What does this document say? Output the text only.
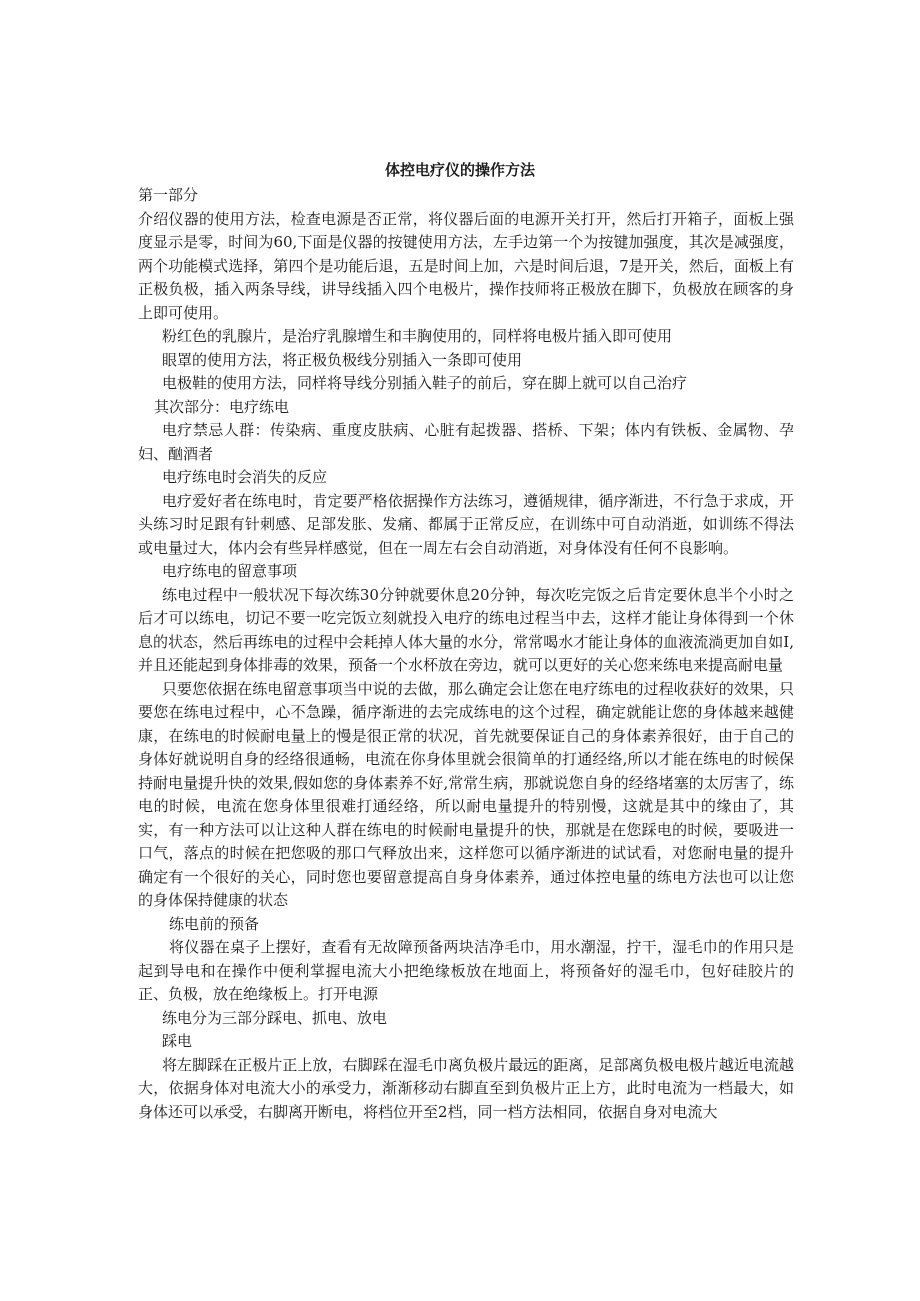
体控电疗仪的操作方法

第一部分

介绍仪器的使用方法，检查电源是否正常，将仪器后面的电源开关打开，然后打开箱子，面板上强度显示是零，时间为60,下面是仪器的按键使用方法，左手边第一个为按键加强度，其次是减强度，两个功能模式选择，第四个是功能后退，五是时间上加，六是时间后退，7是开关，然后，面板上有正极负极，插入两条导线，讲导线插入四个电极片，操作技师将正极放在脚下，负极放在顾客的身上即可使用。

粉红色的乳腺片，是治疗乳腺增生和丰胸使用的，同样将电极片插入即可使用

眼罩的使用方法，将正极负极线分别插入一条即可使用

电极鞋的使用方法，同样将导线分别插入鞋子的前后，穿在脚上就可以自己治疗

其次部分：电疗练电

电疗禁忌人群：传染病、重度皮肤病、心脏有起拨器、搭桥、下架；体内有铁板、金属物、孕妇、酗酒者

电疗练电时会消失的反应

电疗爱好者在练电时，肯定要严格依据操作方法练习，遵循规律，循序渐进，不行急于求成，开头练习时足跟有针刺感、足部发胀、发痛、都属于正常反应，在训练中可自动消逝，如训练不得法或电量过大，体内会有些异样感觉，但在一周左右会自动消逝，对身体没有任何不良影响。

电疗练电的留意事项

练电过程中一般状况下每次练30分钟就要休息20分钟，每次吃完饭之后肯定要休息半个小时之后才可以练电，切记不要一吃完饭立刻就投入电疗的练电过程当中去，这样才能让身体得到一个休息的状态，然后再练电的过程中会耗掉人体大量的水分，常常喝水才能让身体的血液流淌更加自如I,并且还能起到身体排毒的效果，预备一个水杯放在旁边，就可以更好的关心您来练电来提高耐电量

只要您依据在练电留意事项当中说的去做，那么确定会让您在电疗练电的过程收获好的效果，只要您在练电过程中，心不急躁，循序渐进的去完成练电的这个过程，确定就能让您的身体越来越健康，在练电的时候耐电量上的慢是很正常的状况，首先就要保证自己的身体素养很好，由于自己的身体好就说明自身的经络很通畅，电流在你身体里就会很简单的打通经络,所以才能在练电的时候保持耐电量提升快的效果,假如您的身体素养不好,常常生病，那就说您自身的经络堵塞的太厉害了，练电的时候，电流在您身体里很难打通经络，所以耐电量提升的特别慢，这就是其中的缘由了，其实，有一种方法可以让这种人群在练电的时候耐电量提升的快，那就是在您踩电的时候，要吸进一口气，落点的时候在把您吸的那口气释放出来，这样您可以循序渐进的试试看，对您耐电量的提升确定有一个很好的关心，同时您也要留意提高自身身体素养，通过体控电量的练电方法也可以让您的身体保持健康的状态

练电前的预备

将仪器在桌子上摆好，查看有无故障预备两块洁净毛巾，用水潮湿，拧干，湿毛巾的作用只是起到导电和在操作中便利掌握电流大小把绝缘板放在地面上，将预备好的湿毛巾，包好硅胶片的正、负极，放在绝缘板上。打开电源

练电分为三部分踩电、抓电、放电

踩电

将左脚踩在正极片正上放，右脚踩在湿毛巾离负极片最远的距离，足部离负极电极片越近电流越大，依据身体对电流大小的承受力，渐渐移动右脚直至到负极片正上方，此时电流为一档最大，如身体还可以承受，右脚离开断电，将档位开至2档，同一档方法相同，依据自身对电流大
